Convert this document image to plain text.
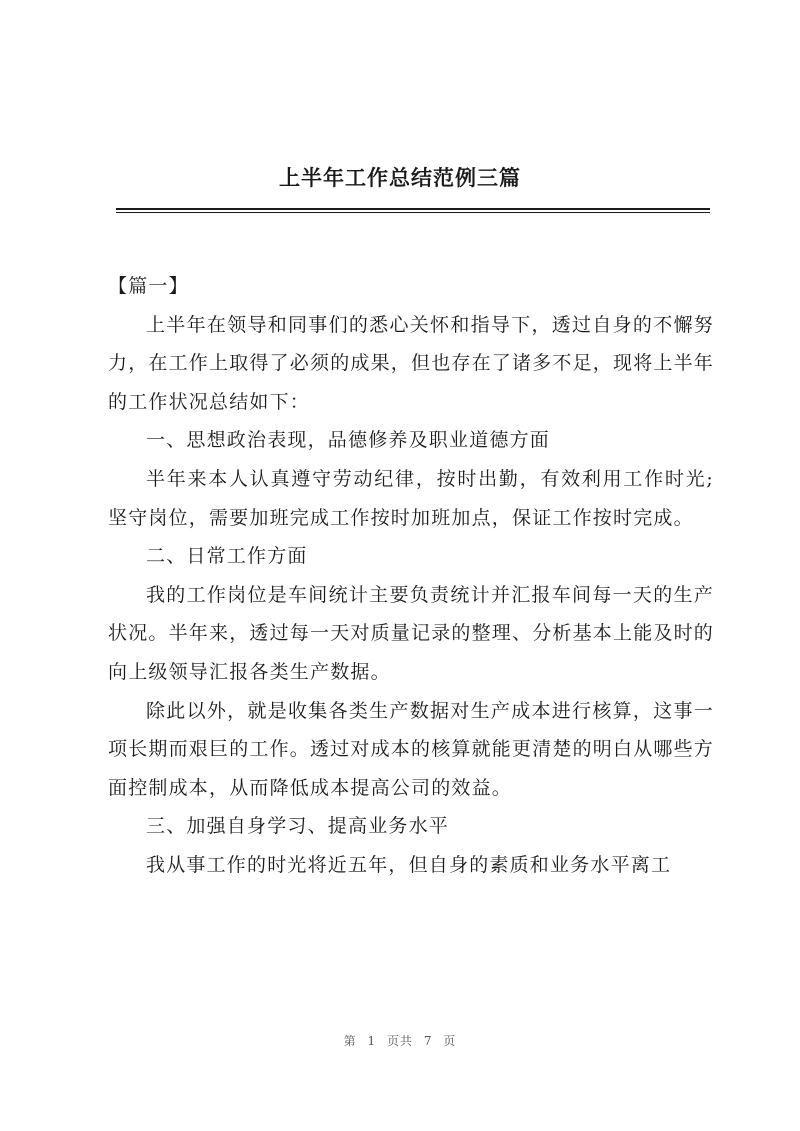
上半年工作总结范例三篇

【篇一】

上半年在领导和同事们的悉心关怀和指导下，透过自身的不懈努力，在工作上取得了必须的成果，但也存在了诸多不足，现将上半年的工作状况总结如下：

一、思想政治表现，品德修养及职业道德方面

半年来本人认真遵守劳动纪律，按时出勤，有效利用工作时光;坚守岗位，需要加班完成工作按时加班加点，保证工作按时完成。

二、日常工作方面

我的工作岗位是车间统计主要负责统计并汇报车间每一天的生产状况。半年来，透过每一天对质量记录的整理、分析基本上能及时的向上级领导汇报各类生产数据。

除此以外，就是收集各类生产数据对生产成本进行核算，这事一项长期而艰巨的工作。透过对成本的核算就能更清楚的明白从哪些方面控制成本，从而降低成本提高公司的效益。

三、加强自身学习、提高业务水平

我从事工作的时光将近五年，但自身的素质和业务水平离工

第 1 页共 7 页
